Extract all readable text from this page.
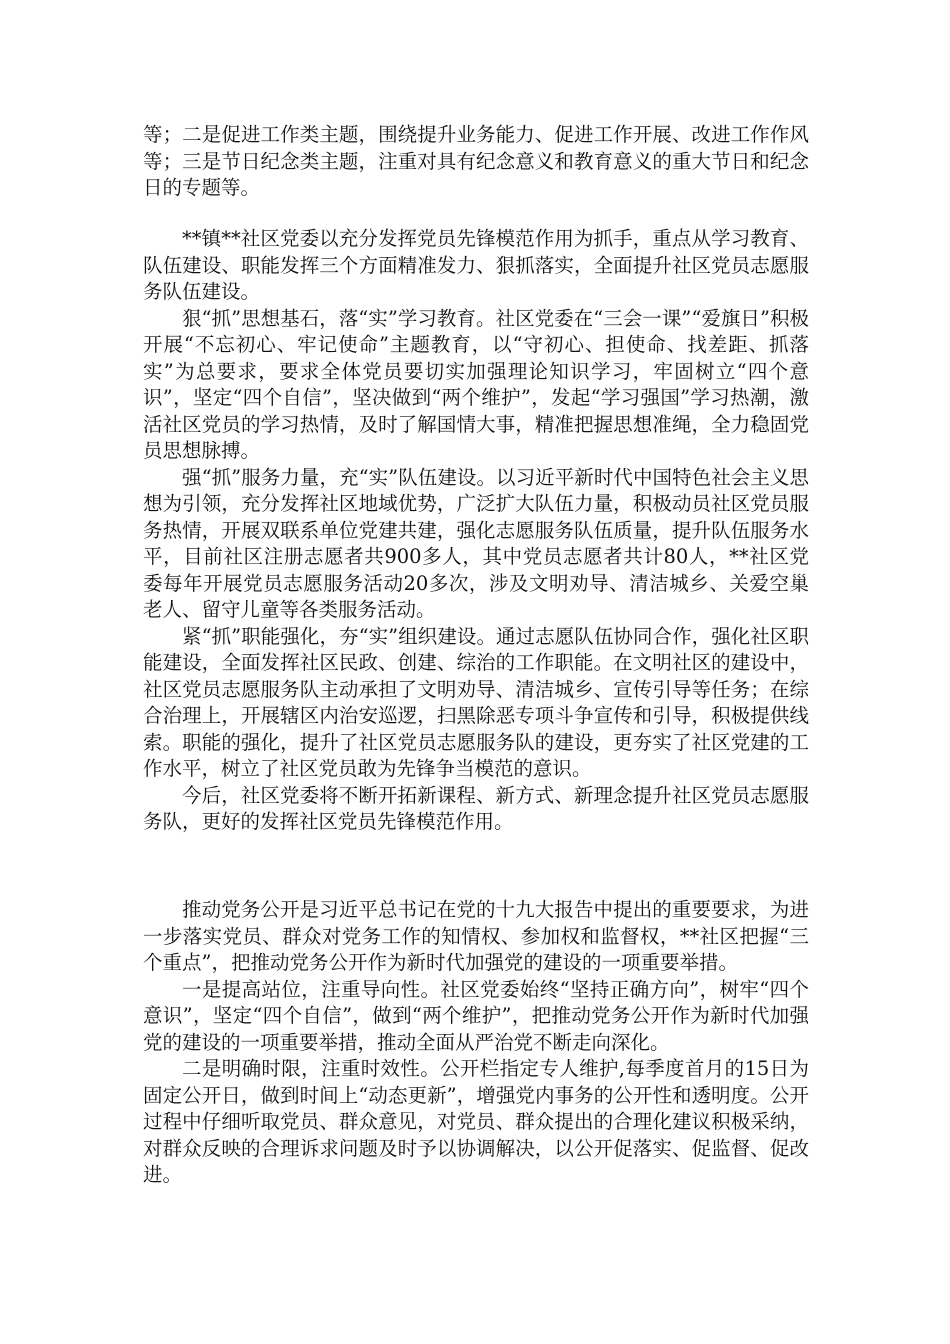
等；二是促进工作类主题，围绕提升业务能力、促进工作开展、改进工作作风等；三是节日纪念类主题，注重对具有纪念意义和教育意义的重大节日和纪念日的专题等。

**镇**社区党委以充分发挥党员先锋模范作用为抓手，重点从学习教育、队伍建设、职能发挥三个方面精准发力、狠抓落实，全面提升社区党员志愿服务队伍建设。

狠“抓”思想基石，落“实”学习教育。社区党委在“三会一课”“爱旗日”积极开展“不忘初心、牢记使命”主题教育，以“守初心、担使命、找差距、抓落实”为总要求，要求全体党员要切实加强理论知识学习，牢固树立“四个意识”，坚定“四个自信”，坚决做到“两个维护”，发起“学习强国”学习热潮，激活社区党员的学习热情，及时了解国情大事，精准把握思想准绳，全力稳固党员思想脉搏。

强“抓”服务力量，充“实”队伍建设。以习近平新时代中国特色社会主义思想为引领，充分发挥社区地域优势，广泛扩大队伍力量，积极动员社区党员服务热情，开展双联系单位党建共建，强化志愿服务队伍质量，提升队伍服务水平，目前社区注册志愿者共900多人，其中党员志愿者共计80人，**社区党委每年开展党员志愿服务活动20多次，涉及文明劝导、清洁城乡、关爱空巢老人、留守儿童等各类服务活动。

紧“抓”职能强化，夯“实”组织建设。通过志愿队伍协同合作，强化社区职能建设，全面发挥社区民政、创建、综治的工作职能。在文明社区的建设中，社区党员志愿服务队主动承担了文明劝导、清洁城乡、宣传引导等任务；在综合治理上，开展辖区内治安巡逻，扫黑除恶专项斗争宣传和引导，积极提供线索。职能的强化，提升了社区党员志愿服务队的建设，更夯实了社区党建的工作水平，树立了社区党员敢为先锋争当模范的意识。

今后，社区党委将不断开拓新课程、新方式、新理念提升社区党员志愿服务队，更好的发挥社区党员先锋模范作用。

推动党务公开是习近平总书记在党的十九大报告中提出的重要要求，为进一步落实党员、群众对党务工作的知情权、参加权和监督权，**社区把握“三个重点”，把推动党务公开作为新时代加强党的建设的一项重要举措。

一是提高站位，注重导向性。社区党委始终“坚持正确方向”，树牢“四个意识”，坚定“四个自信”，做到“两个维护”，把推动党务公开作为新时代加强党的建设的一项重要举措，推动全面从严治党不断走向深化。

二是明确时限，注重时效性。公开栏指定专人维护,每季度首月的15日为固定公开日，做到时间上“动态更新”，增强党内事务的公开性和透明度。公开过程中仔细听取党员、群众意见，对党员、群众提出的合理化建议积极采纳，对群众反映的合理诉求问题及时予以协调解决，以公开促落实、促监督、促改进。
